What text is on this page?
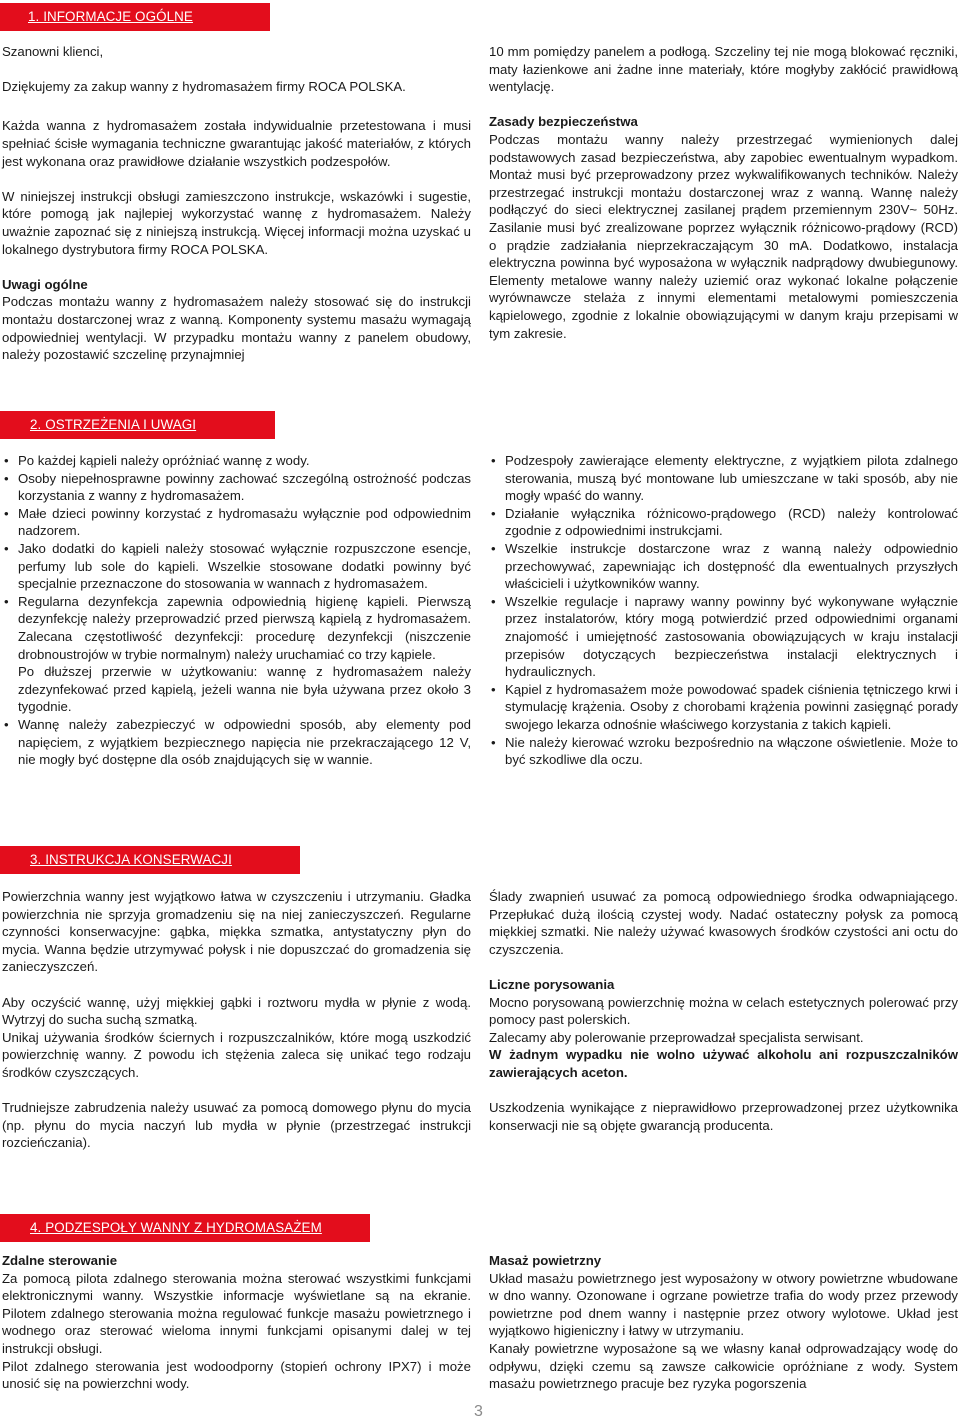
1. INFORMACJE OGÓLNE

Szanowni klienci,

Dziękujemy za zakup wanny z hydromasażem firmy ROCA POLSKA.

Każda wanna z hydromasażem została indywidualnie przetestowana i musi spełniać ścisłe wymagania techniczne gwarantując jakość materiałów, z których jest wykonana oraz prawidłowe działanie wszystkich podzespołów.

W niniejszej instrukcji obsługi zamieszczono instrukcje, wskazówki i sugestie, które pomogą jak najlepiej wykorzystać wannę z hydromasażem. Należy uważnie zapoznać się z niniejszą instrukcją. Więcej informacji można uzyskać u lokalnego dystrybutora firmy ROCA POLSKA.

Uwagi ogólne

Podczas montażu wanny z hydromasażem należy stosować się do instrukcji montażu dostarczonej wraz z wanną. Komponenty systemu masażu wymagają odpowiedniej wentylacji. W przypadku montażu wanny z panelem obudowy, należy pozostawić szczelinę przynajmniej

10 mm pomiędzy panelem a podłogą. Szczeliny tej nie mogą blokować ręczniki, maty łazienkowe ani żadne inne materiały, które mogłyby zakłócić prawidłową wentylację.

Zasady bezpieczeństwa

Podczas montażu wanny należy przestrzegać wymienionych dalej podstawowych zasad bezpieczeństwa, aby zapobiec ewentualnym wypadkom. Montaż musi być przeprowadzony przez wykwalifikowanych techników. Należy przestrzegać instrukcji montażu dostarczonej wraz z wanną. Wannę należy podłączyć do sieci elektrycznej zasilanej prądem przemiennym 230V~ 50Hz. Zasilanie musi być zrealizowane poprzez wyłącznik różnicowo-prądowy (RCD) o prądzie zadziałania nieprzekraczającym 30 mA. Dodatkowo, instalacja elektryczna powinna być wyposażona w wyłącznik nadprądowy dwubiegunowy. Elementy metalowe wanny należy uziemić oraz wykonać lokalne połączenie wyrównawcze stelaża z innymi elementami metalowymi pomieszczenia kąpielowego, zgodnie z lokalnie obowiązującymi w danym kraju przepisami w tym zakresie.

2. OSTRZEŻENIA I UWAGI
• Po każdej kąpieli należy opróżniać wannę z wody.
• Osoby niepełnosprawne powinny zachować szczególną ostrożność podczas korzystania z wanny z hydromasażem.
• Małe dzieci powinny korzystać z hydromasażu wyłącznie pod odpowiednim nadzorem.
• Jako dodatki do kąpieli należy stosować wyłącznie rozpuszczone esencje, perfumy lub sole do kąpieli. Wszelkie stosowane dodatki powinny być specjalnie przeznaczone do stosowania w wannach z hydromasażem.
• Regularna dezynfekcja zapewnia odpowiednią higienę kąpieli. Pierwszą dezynfekcję należy przeprowadzić przed pierwszą kąpielą z hydromasażem. Zalecana częstotliwość dezynfekcji: procedurę dezynfekcji (niszczenie drobnoustrojów w trybie normalnym) należy uruchamiać co trzy kąpiele.
Po dłuższej przerwie w użytkowaniu: wannę z hydromasażem należy zdezynfekować przed kąpielą, jeżeli wanna nie była używana przez około 3 tygodnie.
• Wannę należy zabezpieczyć w odpowiedni sposób, aby elementy pod napięciem, z wyjątkiem bezpiecznego napięcia nie przekraczającego 12 V, nie mogły być dostępne dla osób znajdujących się w wannie.
• Podzespoły zawierające elementy elektryczne, z wyjątkiem pilota zdalnego sterowania, muszą być montowane lub umieszczane w taki sposób, aby nie mogły wpaść do wanny.
• Działanie wyłącznika różnicowo-prądowego (RCD) należy kontrolować zgodnie z odpowiednimi instrukcjami.
• Wszelkie instrukcje dostarczone wraz z wanną należy odpowiednio przechowywać, zapewniając ich dostępność dla ewentualnych przyszłych właścicieli i użytkowników wanny.
• Wszelkie regulacje i naprawy wanny powinny być wykonywane wyłącznie przez instalatorów, który mogą potwierdzić przed odpowiednimi organami znajomość i umiejętność zastosowania obowiązujących w kraju instalacji przepisów dotyczących bezpieczeństwa instalacji elektrycznych i hydraulicznych.
• Kąpiel z hydromasażem może powodować spadek ciśnienia tętniczego krwi i stymulację krążenia. Osoby z chorobami krążenia powinni zasięgnąć porady swojego lekarza odnośnie właściwego korzystania z takich kąpieli.
• Nie należy kierować wzroku bezpośrednio na włączone oświetlenie. Może to być szkodliwe dla oczu.
3. INSTRUKCJA KONSERWACJI

Powierzchnia wanny jest wyjątkowo łatwa w czyszczeniu i utrzymaniu. Gładka powierzchnia nie sprzyja gromadzeniu się na niej zanieczyszczeń. Regularne czynności konserwacyjne: gąbka, miękka szmatka, antystatyczny płyn do mycia. Wanna będzie utrzymywać połysk i nie dopuszczać do gromadzenia się zanieczyszczeń.

Aby oczyścić wannę, użyj miękkiej gąbki i roztworu mydła w płynie z wodą. Wytrzyj do sucha suchą szmatką.

Unikaj używania środków ściernych i rozpuszczalników, które mogą uszkodzić powierzchnię wanny. Z powodu ich stężenia zaleca się unikać tego rodzaju środków czyszczących.

Trudniejsze zabrudzenia należy usuwać za pomocą domowego płynu do mycia (np. płynu do mycia naczyń lub mydła w płynie (przestrzegać instrukcji rozcieńczania).

Ślady zwapnień usuwać za pomocą odpowiedniego środka odwapniającego. Przepłukać dużą ilością czystej wody. Nadać ostateczny połysk za pomocą miękkiej szmatki. Nie należy używać kwasowych środków czystości ani octu do czyszczenia.

Liczne porysowania

Mocno porysowaną powierzchnię można w celach estetycznych polerować przy pomocy past polerskich.

Zalecamy aby polerowanie przeprowadzał specjalista serwisant.

W żadnym wypadku nie wolno używać alkoholu ani rozpuszczalników zawierających aceton.

Uszkodzenia wynikające z nieprawidłowo przeprowadzonej przez użytkownika konserwacji nie są objęte gwarancją producenta.

4. PODZESPOŁY WANNY Z HYDROMASAŻEM

Zdalne sterowanie

Za pomocą pilota zdalnego sterowania można sterować wszystkimi funkcjami elektronicznymi wanny. Wszystkie informacje wyświetlane są na ekranie. Pilotem zdalnego sterowania można regulować funkcje masażu powietrznego i wodnego oraz sterować wieloma innymi funkcjami opisanymi dalej w tej instrukcji obsługi.

Pilot zdalnego sterowania jest wodoodporny (stopień ochrony IPX7) i może unosić się na powierzchni wody.

Masaż powietrzny

Układ masażu powietrznego jest wyposażony w otwory powietrzne wbudowane w dno wanny. Ozonowane i ogrzane powietrze trafia do wody przez przewody powietrzne pod dnem wanny i następnie przez otwory wylotowe. Układ jest wyjątkowo higieniczny i łatwy w utrzymaniu.

Kanały powietrzne wyposażone są we własny kanał odprowadzający wodę do odpływu, dzięki czemu są zawsze całkowicie opróżniane z wody. System masażu powietrznego pracuje bez ryzyka pogorszenia

3
